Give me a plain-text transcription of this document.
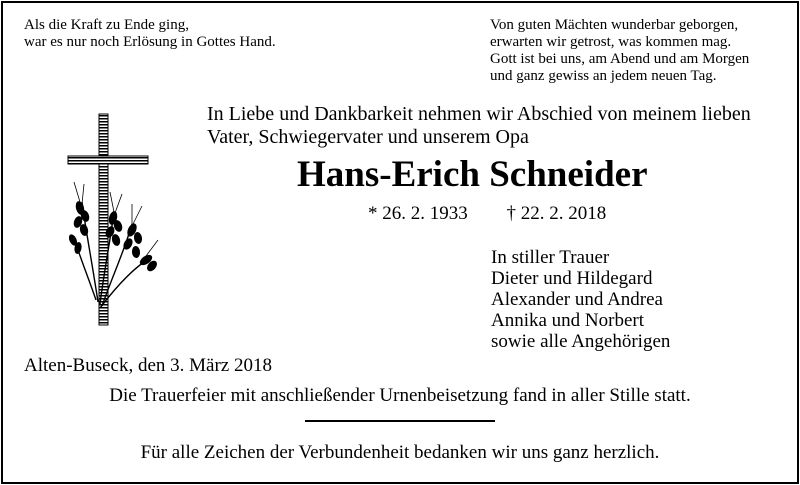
Als die Kraft zu Ende ging,
war es nur noch Erlösung in Gottes Hand.
Von guten Mächten wunderbar geborgen,
erwarten wir getrost, was kommen mag.
Gott ist bei uns, am Abend und am Morgen
und ganz gewiss an jedem neuen Tag.
In Liebe und Dankbarkeit nehmen wir Abschied von meinem lieben
Vater, Schwiegervater und unserem Opa
Hans-Erich Schneider
* 26. 2. 1933 † 22. 2. 2018
In stiller Trauer
Dieter und Hildegard
Alexander und Andrea
Annika und Norbert
sowie alle Angehörigen
Alten-Buseck, den 3. März 2018
Die Trauerfeier mit anschließender Urnenbeisetzung fand in aller Stille statt.
Für alle Zeichen der Verbundenheit bedanken wir uns ganz herzlich.
